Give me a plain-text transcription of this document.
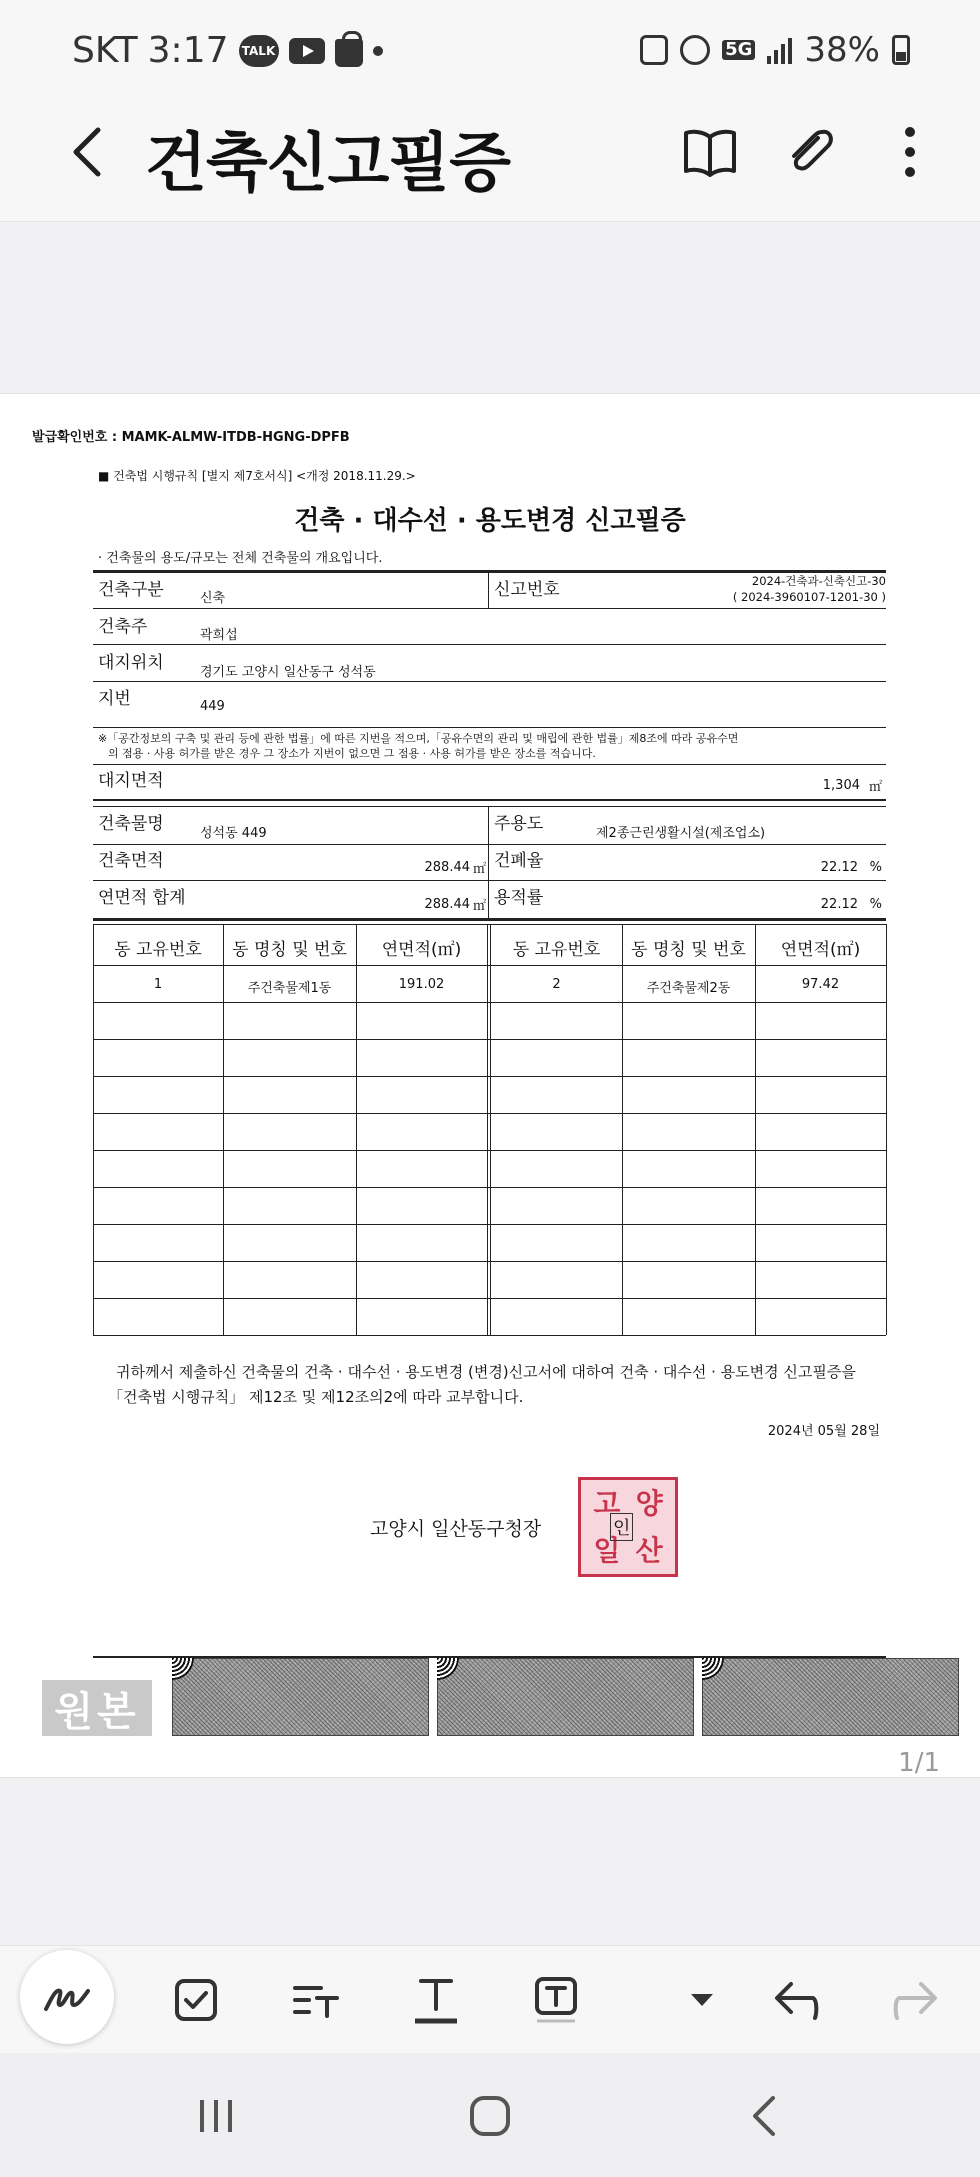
SKT 3:17 TALK	5G 38%
건축신고필증
발급확인번호 : MAMK-ALMW-ITDB-HGNG-DPFB
■ 건축법 시행규칙 [별지 제7호서식] <개정 2018.11.29.>
건축 · 대수선 · 용도변경 신고필증
· 건축물의 용도/규모는 전체 건축물의 개요입니다.
건축구분	신축	신고번호	2024-건축과-신축신고-30
( 2024-3960107-1201-30 )
건축주	곽희섭
대지위치	경기도 고양시 일산동구 성석동
지번	449
※「공간정보의 구축 및 관리 등에 관한 법률」에 따른 지번을 적으며,「공유수면의 관리 및 매립에 관한 법률」제8조에 따라 공유수면
의 점용 · 사용 허가를 받은 경우 그 장소가 지번이 없으면 그 점용 · 사용 허가를 받은 장소를 적습니다.
대지면적	1,304 ㎡
건축물명	성석동 449	주용도	제2종근린생활시설(제조업소)
건축면적	288.44 ㎡ 건폐율	22.12 %
연면적 합계	288.44 ㎡ 용적률	22.12 %
동 고유번호	동 명칭 및 번호	연면적(㎡)	동 고유번호	동 명칭 및 번호	연면적(㎡)
1	주건축물제1동	191.02	2	주건축물제2동	97.42
귀하께서 제출하신 건축물의 건축 · 대수선 · 용도변경 (변경)신고서에 대하여 건축 · 대수선 · 용도변경 신고필증을
「건축법 시행규칙」 제12조 및 제12조의2에 따라 교부합니다.
2024년 05월 28일
고양시 일산동구청장
고 양
일 산
인
원본
1/1
